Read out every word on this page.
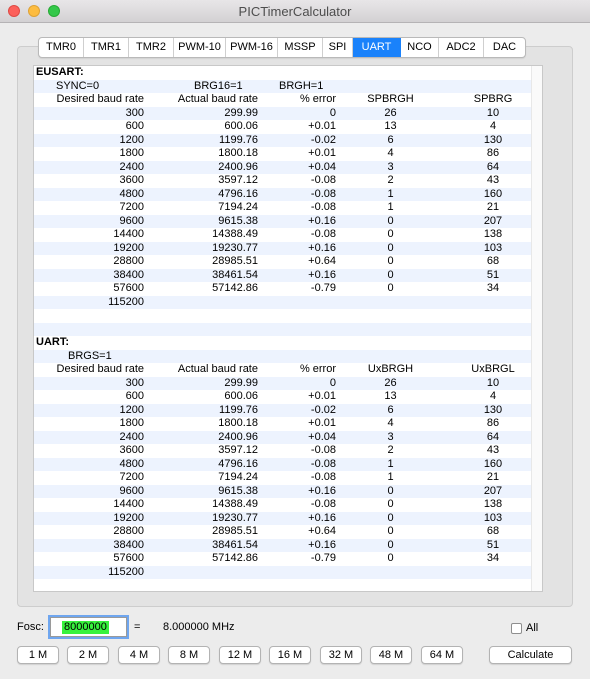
PICTimerCalculator
TMR0	TMR1	TMR2	PWM-10 PWM-16	MSSP	SPI	UART	NCO	ADC2	DAC
EUSART:
SYNC=0	BRG16=1	BRGH=1
Desired baud rate	Actual baud rate	% error	SPBRGH	SPBRG
300	299.99	0	26	10
600	600.06	+0.01	13	4
1200	1199.76	-0.02	6	130
1800	1800.18	+0.01	4	86
2400	2400.96	+0.04	3	64
3600	3597.12	-0.08	2	43
4800	4796.16	-0.08	1	160
7200	7194.24	-0.08	1	21
9600	9615.38	+0.16	0	207
14400	14388.49	-0.08	0	138
19200	19230.77	+0.16	0	103
28800	28985.51	+0.64	0	68
38400	38461.54	+0.16	0	51
57600	57142.86	-0.79	0	34
115200
UART:
BRGS=1
Desired baud rate	Actual baud rate	% error	UxBRGH	UxBRGL
300	299.99	0	26	10
600	600.06	+0.01	13	4
1200	1199.76	-0.02	6	130
1800	1800.18	+0.01	4	86
2400	2400.96	+0.04	3	64
3600	3597.12	-0.08	2	43
4800	4796.16	-0.08	1	160
7200	7194.24	-0.08	1	21
9600	9615.38	+0.16	0	207
14400	14388.49	-0.08	0	138
19200	19230.77	+0.16	0	103
28800	28985.51	+0.64	0	68
38400	38461.54	+0.16	0	51
57600	57142.86	-0.79	0	34
115200
Fosc: 8000000 = 8.000000 MHz	All
1 M	2 M	4 M	8 M	12 M	16 M	32 M	48 M	64 M	Calculate
